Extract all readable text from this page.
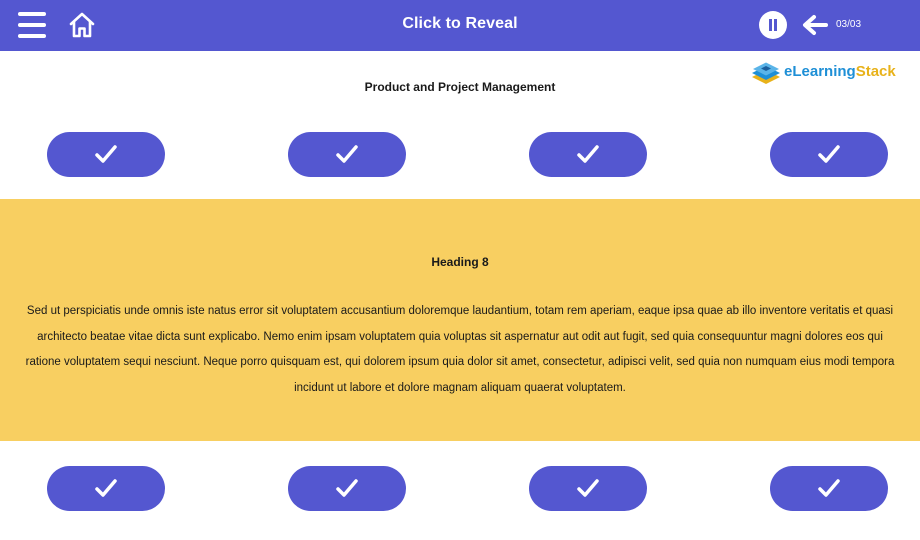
Click to Reveal	03/03
eLearningStack
Product and Project Management
Heading 8
Sed ut perspiciatis unde omnis iste natus error sit voluptatem accusantium doloremque laudantium, totam rem aperiam, eaque ipsa quae ab illo inventore veritatis et quasi architecto beatae vitae dicta sunt explicabo. Nemo enim ipsam voluptatem quia voluptas sit aspernatur aut odit aut fugit, sed quia consequuntur magni dolores eos qui ratione voluptatem sequi nesciunt. Neque porro quisquam est, qui dolorem ipsum quia dolor sit amet, consectetur, adipisci velit, sed quia non numquam eius modi tempora incidunt ut labore et dolore magnam aliquam quaerat voluptatem.
